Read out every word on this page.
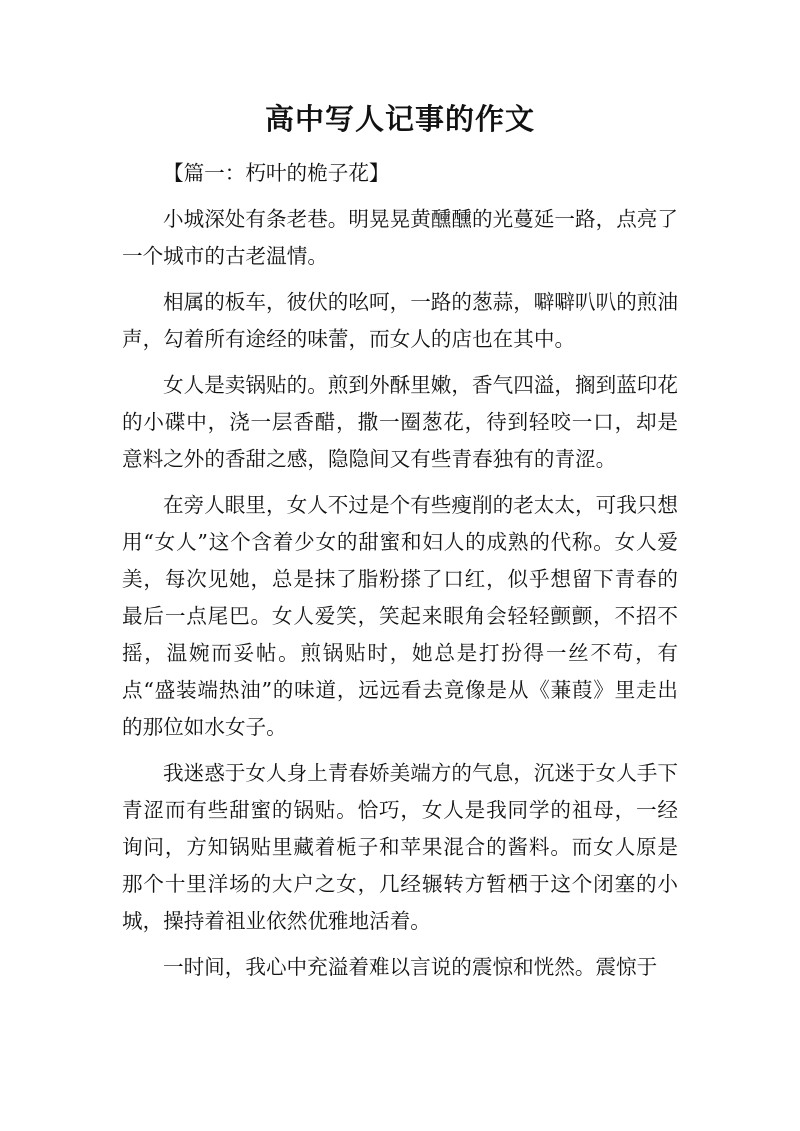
高中写人记事的作文

【篇一：朽叶的桅子花】

小城深处有条老巷。明晃晃黄醺醺的光蔓延一路，点亮了一个城市的古老温情。

相属的板车，彼伏的吆呵，一路的葱蒜，噼噼叭叭的煎油声，勾着所有途经的味蕾，而女人的店也在其中。

女人是卖锅贴的。煎到外酥里嫩，香气四溢，搁到蓝印花的小碟中，浇一层香醋，撒一圈葱花，待到轻咬一口，却是意料之外的香甜之感，隐隐间又有些青春独有的青涩。

在旁人眼里，女人不过是个有些瘦削的老太太，可我只想用“女人”这个含着少女的甜蜜和妇人的成熟的代称。女人爱美，每次见她，总是抹了脂粉搽了口红，似乎想留下青春的最后一点尾巴。女人爱笑，笑起来眼角会轻轻颤颤，不招不摇，温婉而妥帖。煎锅贴时，她总是打扮得一丝不苟，有点“盛装端热油”的味道，远远看去竟像是从《蒹葭》里走出的那位如水女子。

我迷惑于女人身上青春娇美端方的气息，沉迷于女人手下青涩而有些甜蜜的锅贴。恰巧，女人是我同学的祖母，一经询问，方知锅贴里藏着栀子和苹果混合的酱料。而女人原是那个十里洋场的大户之女，几经辗转方暂栖于这个闭塞的小城，操持着祖业依然优雅地活着。

一时间，我心中充溢着难以言说的震惊和恍然。震惊于
